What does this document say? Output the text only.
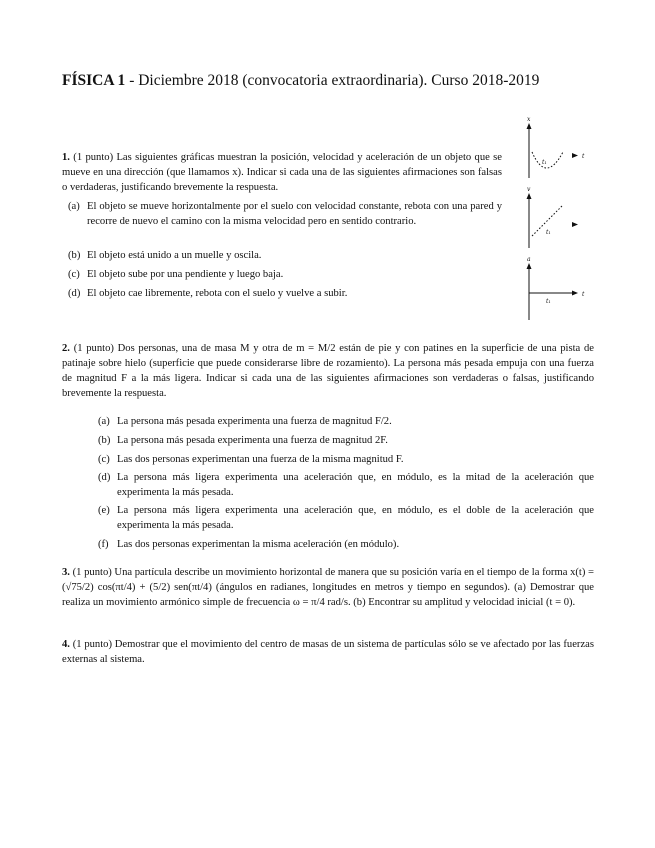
FÍSICA 1 - Diciembre 2018 (convocatoria extraordinaria). Curso 2018-2019
1. (1 punto) Las siguientes gráficas muestran la posición, velocidad y aceleración de un objeto que se mueve en una dirección (que llamamos x). Indicar si cada una de las siguientes afirmaciones son falsas o verdaderas, justificando brevemente la respuesta.
(a) El objeto se mueve horizontalmente por el suelo con velocidad constante, rebota con una pared y recorre de nuevo el camino con la misma velocidad pero en sentido contrario.
(b) El objeto está unido a un muelle y oscila.
(c) El objeto sube por una pendiente y luego baja.
(d) El objeto cae libremente, rebota con el suelo y vuelve a subir.
x
t
t₁
v
t₁
a
t
t₁
2. (1 punto) Dos personas, una de masa M y otra de m = M/2 están de pie y con patines en la superficie de una pista de patinaje sobre hielo (superficie que puede considerarse libre de rozamiento). La persona más pesada empuja con una fuerza de magnitud F a la más ligera. Indicar si cada una de las siguientes afirmaciones son verdaderas o falsas, justificando brevemente la respuesta.
(a) La persona más pesada experimenta una fuerza de magnitud F/2.
(b) La persona más pesada experimenta una fuerza de magnitud 2F.
(c) Las dos personas experimentan una fuerza de la misma magnitud F.
(d) La persona más ligera experimenta una aceleración que, en módulo, es la mitad de la aceleración que experimenta la más pesada.
(e) La persona más ligera experimenta una aceleración que, en módulo, es el doble de la aceleración que experimenta la más pesada.
(f) Las dos personas experimentan la misma aceleración (en módulo).
3. (1 punto) Una partícula describe un movimiento horizontal de manera que su posición varía en el tiempo de la forma x(t) = (√75/2) cos(πt/4) + (5/2) sen(πt/4) (ángulos en radianes, longitudes en metros y tiempo en segundos). (a) Demostrar que realiza un movimiento armónico simple de frecuencia ω = π/4 rad/s. (b) Encontrar su amplitud y velocidad inicial (t = 0).
4. (1 punto) Demostrar que el movimiento del centro de masas de un sistema de partículas sólo se ve afectado por las fuerzas externas al sistema.
